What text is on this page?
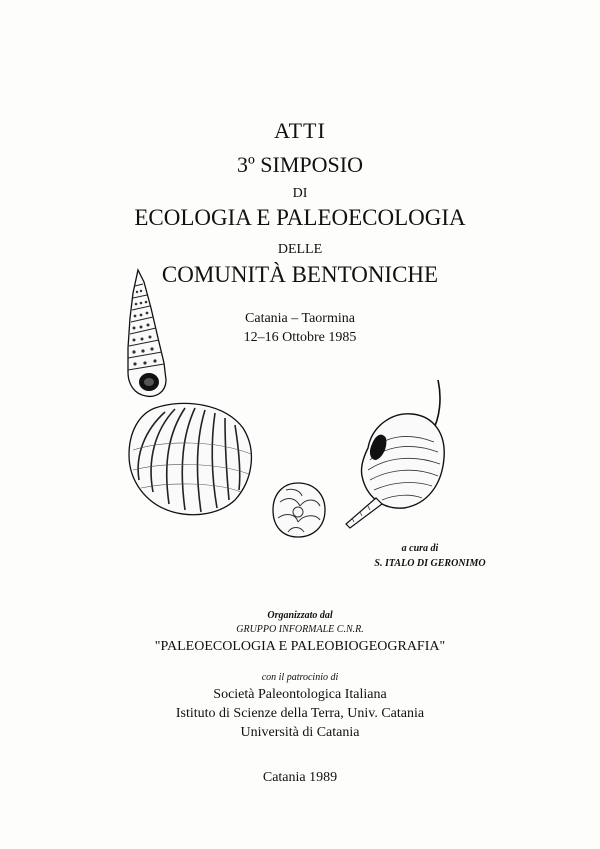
ATTI
3º SIMPOSIO
DI
ECOLOGIA E PALEOECOLOGIA
DELLE
COMUNITÀ BENTONICHE
Catania – Taormina
12–16 Ottobre 1985
a cura di
S. ITALO DI GERONIMO
Organizzato dal
GRUPPO INFORMALE C.N.R.
"PALEOECOLOGIA E PALEOBIOGEOGRAFIA"
con il patrocinio di
Società Paleontologica Italiana
Istituto di Scienze della Terra, Univ. Catania
Università di Catania
Catania 1989
